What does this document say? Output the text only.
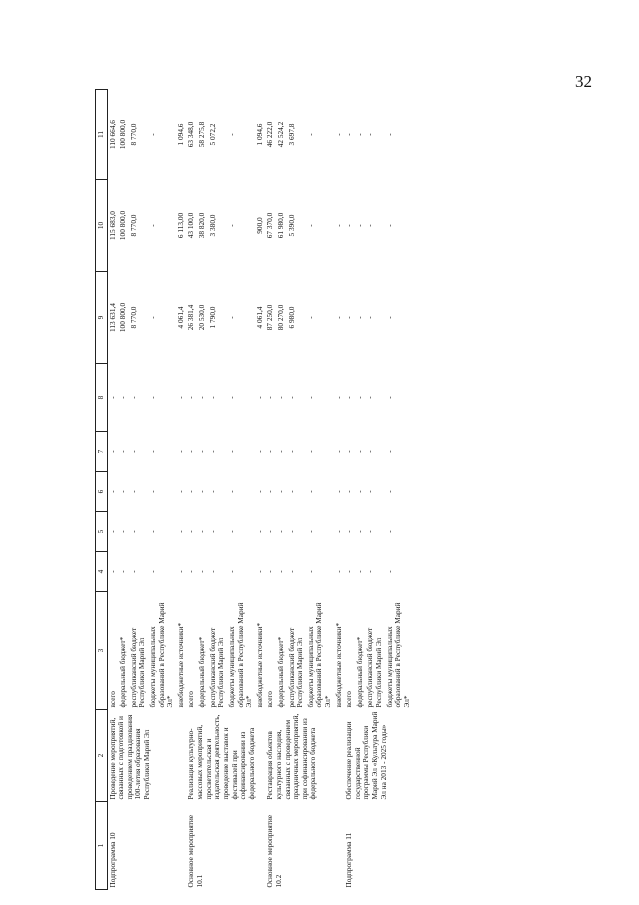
32
1	2	3	4	5	6	7	8	9	10	11
Подпрограмма 10	Проведение мероприятий, связанных с подготовкой и проведением празднования 100-летия образования Республики Марий Эл	всего	-	-	-	-	-	113 631,4	115 683,0	110 664,6
		федеральный бюджет*	-	-	-	-	-	100 800,0	100 800,0	100 800,0
		республиканский бюджет Республики Марий Эл	-	-	-	-	-	8 770,0	8 770,0	8 770,0
		бюджеты муниципальных образований в Республике Марий Эл*	-	-	-	-	-	-	-	-
		внебюджетные источники*	-	-	-	-	-	4 061,4	6 113,00	1 094,6
Основное мероприятие 10.1	Реализация культурно-массовых мероприятий, просветительская и издательская деятельность, проведение выставок и фестивалей при софинансировании из федерального бюджета	всего	-	-	-	-	-	26 381,4	43 100,0	63 348,0
		федеральный бюджет*	-	-	-	-	-	20 530,0	38 820,0	58 275,8
		республиканский бюджет Республики Марий Эл	-	-	-	-	-	1 790,0	3 380,0	5 072,2
		бюджеты муниципальных образований в Республике Марий Эл*	-	-	-	-	-	-	-	-
		внебюджетные источники*	-	-	-	-	-	4 061,4	900,0	1 094,6
Основное мероприятие 10.2	Реставрация объектов культурного наследия, связанных с проведением праздничных мероприятий, при софинансировании из федерального бюджета	всего	-	-	-	-	-	87 250,0	67 370,0	46 222,0
		федеральный бюджет*	-	-	-	-	-	80 270,0	61 980,0	42 524,2
		республиканский бюджет Республики Марий Эл	-	-	-	-	-	6 980,0	5 390,0	3 697,8
		бюджеты муниципальных образований в Республике Марий Эл*	-	-	-	-	-	-	-	-
		внебюджетные источники*	-	-	-	-	-	-	-	-
Подпрограмма 11	Обеспечение реализации государственной программы Республики Марий Эл «Культура Марий Эл на 2013 - 2025 годы»	всего	-	-	-	-	-	-	-	-
		федеральный бюджет*	-	-	-	-	-	-	-	-
		республиканский бюджет Республики Марий Эл	-	-	-	-	-	-	-	-
		бюджеты муниципальных образований в Республике Марий Эл*	-	-	-	-	-	-	-	-
